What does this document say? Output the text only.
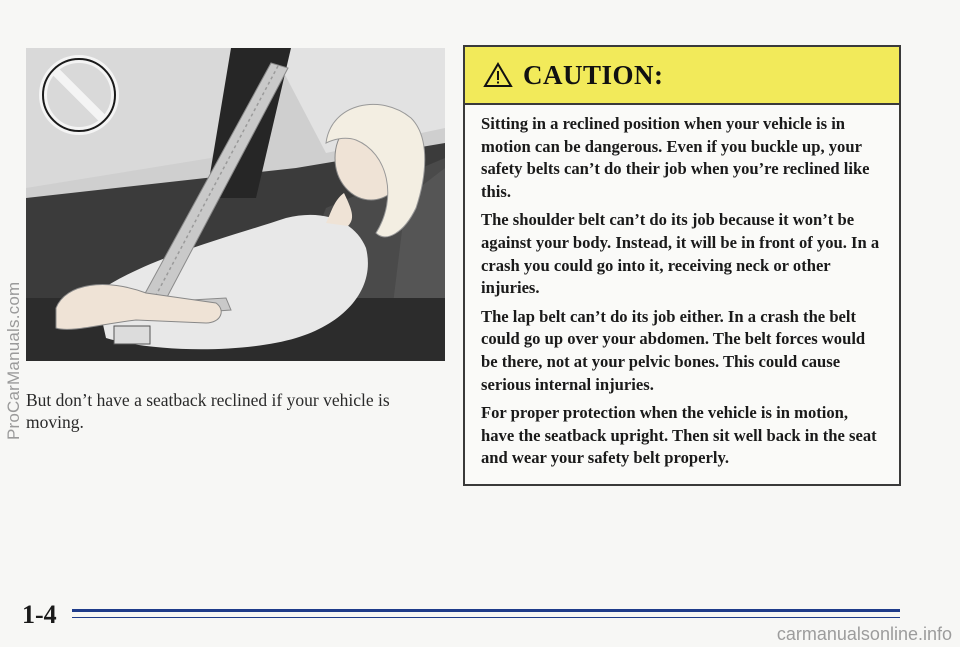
But don’t have a seatback reclined if your vehicle is moving.
CAUTION:

Sitting in a reclined position when your vehicle is in motion can be dangerous. Even if you buckle up, your safety belts can’t do their job when you’re reclined like this.

The shoulder belt can’t do its job because it won’t be against your body. Instead, it will be in front of you. In a crash you could go into it, receiving neck or other injuries.

The lap belt can’t do its job either. In a crash the belt could go up over your abdomen. The belt forces would be there, not at your pelvic bones. This could cause serious internal injuries.

For proper protection when the vehicle is in motion, have the seatback upright. Then sit well back in the seat and wear your safety belt properly.

ProCarManuals.com
1-4
carmanualsonline.info
